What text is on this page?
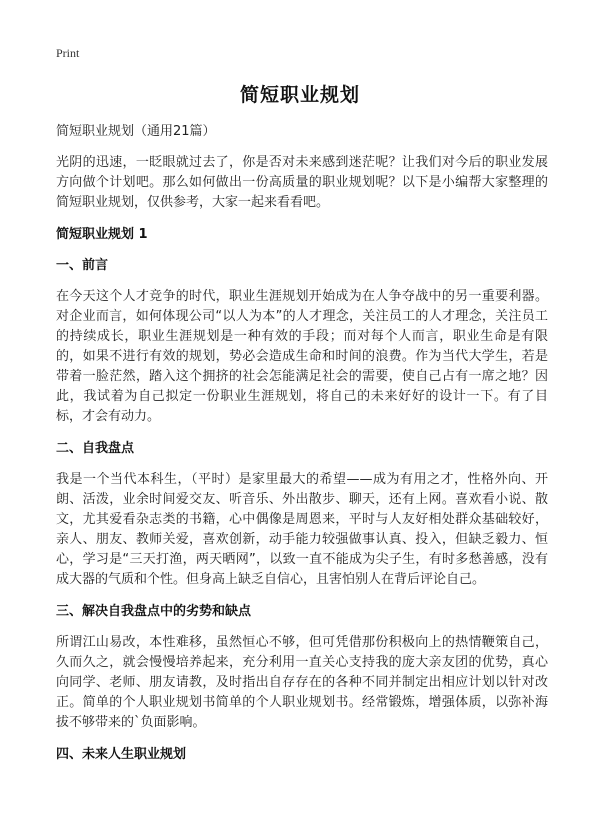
Print
简短职业规划

简短职业规划（通用21篇）

光阴的迅速，一眨眼就过去了，你是否对未来感到迷茫呢？让我们对今后的职业发展方向做个计划吧。那么如何做出一份高质量的职业规划呢？以下是小编帮大家整理的简短职业规划，仅供参考，大家一起来看看吧。

简短职业规划 1

一、前言

在今天这个人才竞争的时代，职业生涯规划开始成为在人争夺战中的另一重要利器。对企业而言，如何体现公司“以人为本”的人才理念，关注员工的人才理念，关注员工的持续成长，职业生涯规划是一种有效的手段；而对每个人而言，职业生命是有限的，如果不进行有效的规划，势必会造成生命和时间的浪费。作为当代大学生，若是带着一脸茫然，踏入这个拥挤的社会怎能满足社会的需要，使自己占有一席之地？因此，我试着为自己拟定一份职业生涯规划，将自己的未来好好的设计一下。有了目标，才会有动力。

二、自我盘点

我是一个当代本科生，（平时）是家里最大的希望——成为有用之才，性格外向、开朗、活泼，业余时间爱交友、听音乐、外出散步、聊天，还有上网。喜欢看小说、散文，尤其爱看杂志类的书籍，心中偶像是周恩来，平时与人友好相处群众基础较好，亲人、朋友、教师关爱，喜欢创新，动手能力较强做事认真、投入，但缺乏毅力、恒心，学习是“三天打渔，两天晒网”，以致一直不能成为尖子生，有时多愁善感，没有成大器的气质和个性。但身高上缺乏自信心，且害怕别人在背后评论自己。

三、解决自我盘点中的劣势和缺点

所谓江山易改，本性难移，虽然恒心不够，但可凭借那份积极向上的热情鞭策自己，久而久之，就会慢慢培养起来，充分利用一直关心支持我的庞大亲友团的优势，真心向同学、老师、朋友请教，及时指出自存存在的各种不同并制定出相应计划以针对改正。简单的个人职业规划书简单的个人职业规划书。经常锻炼，增强体质，以弥补海拔不够带来的`负面影响。

四、未来人生职业规划
